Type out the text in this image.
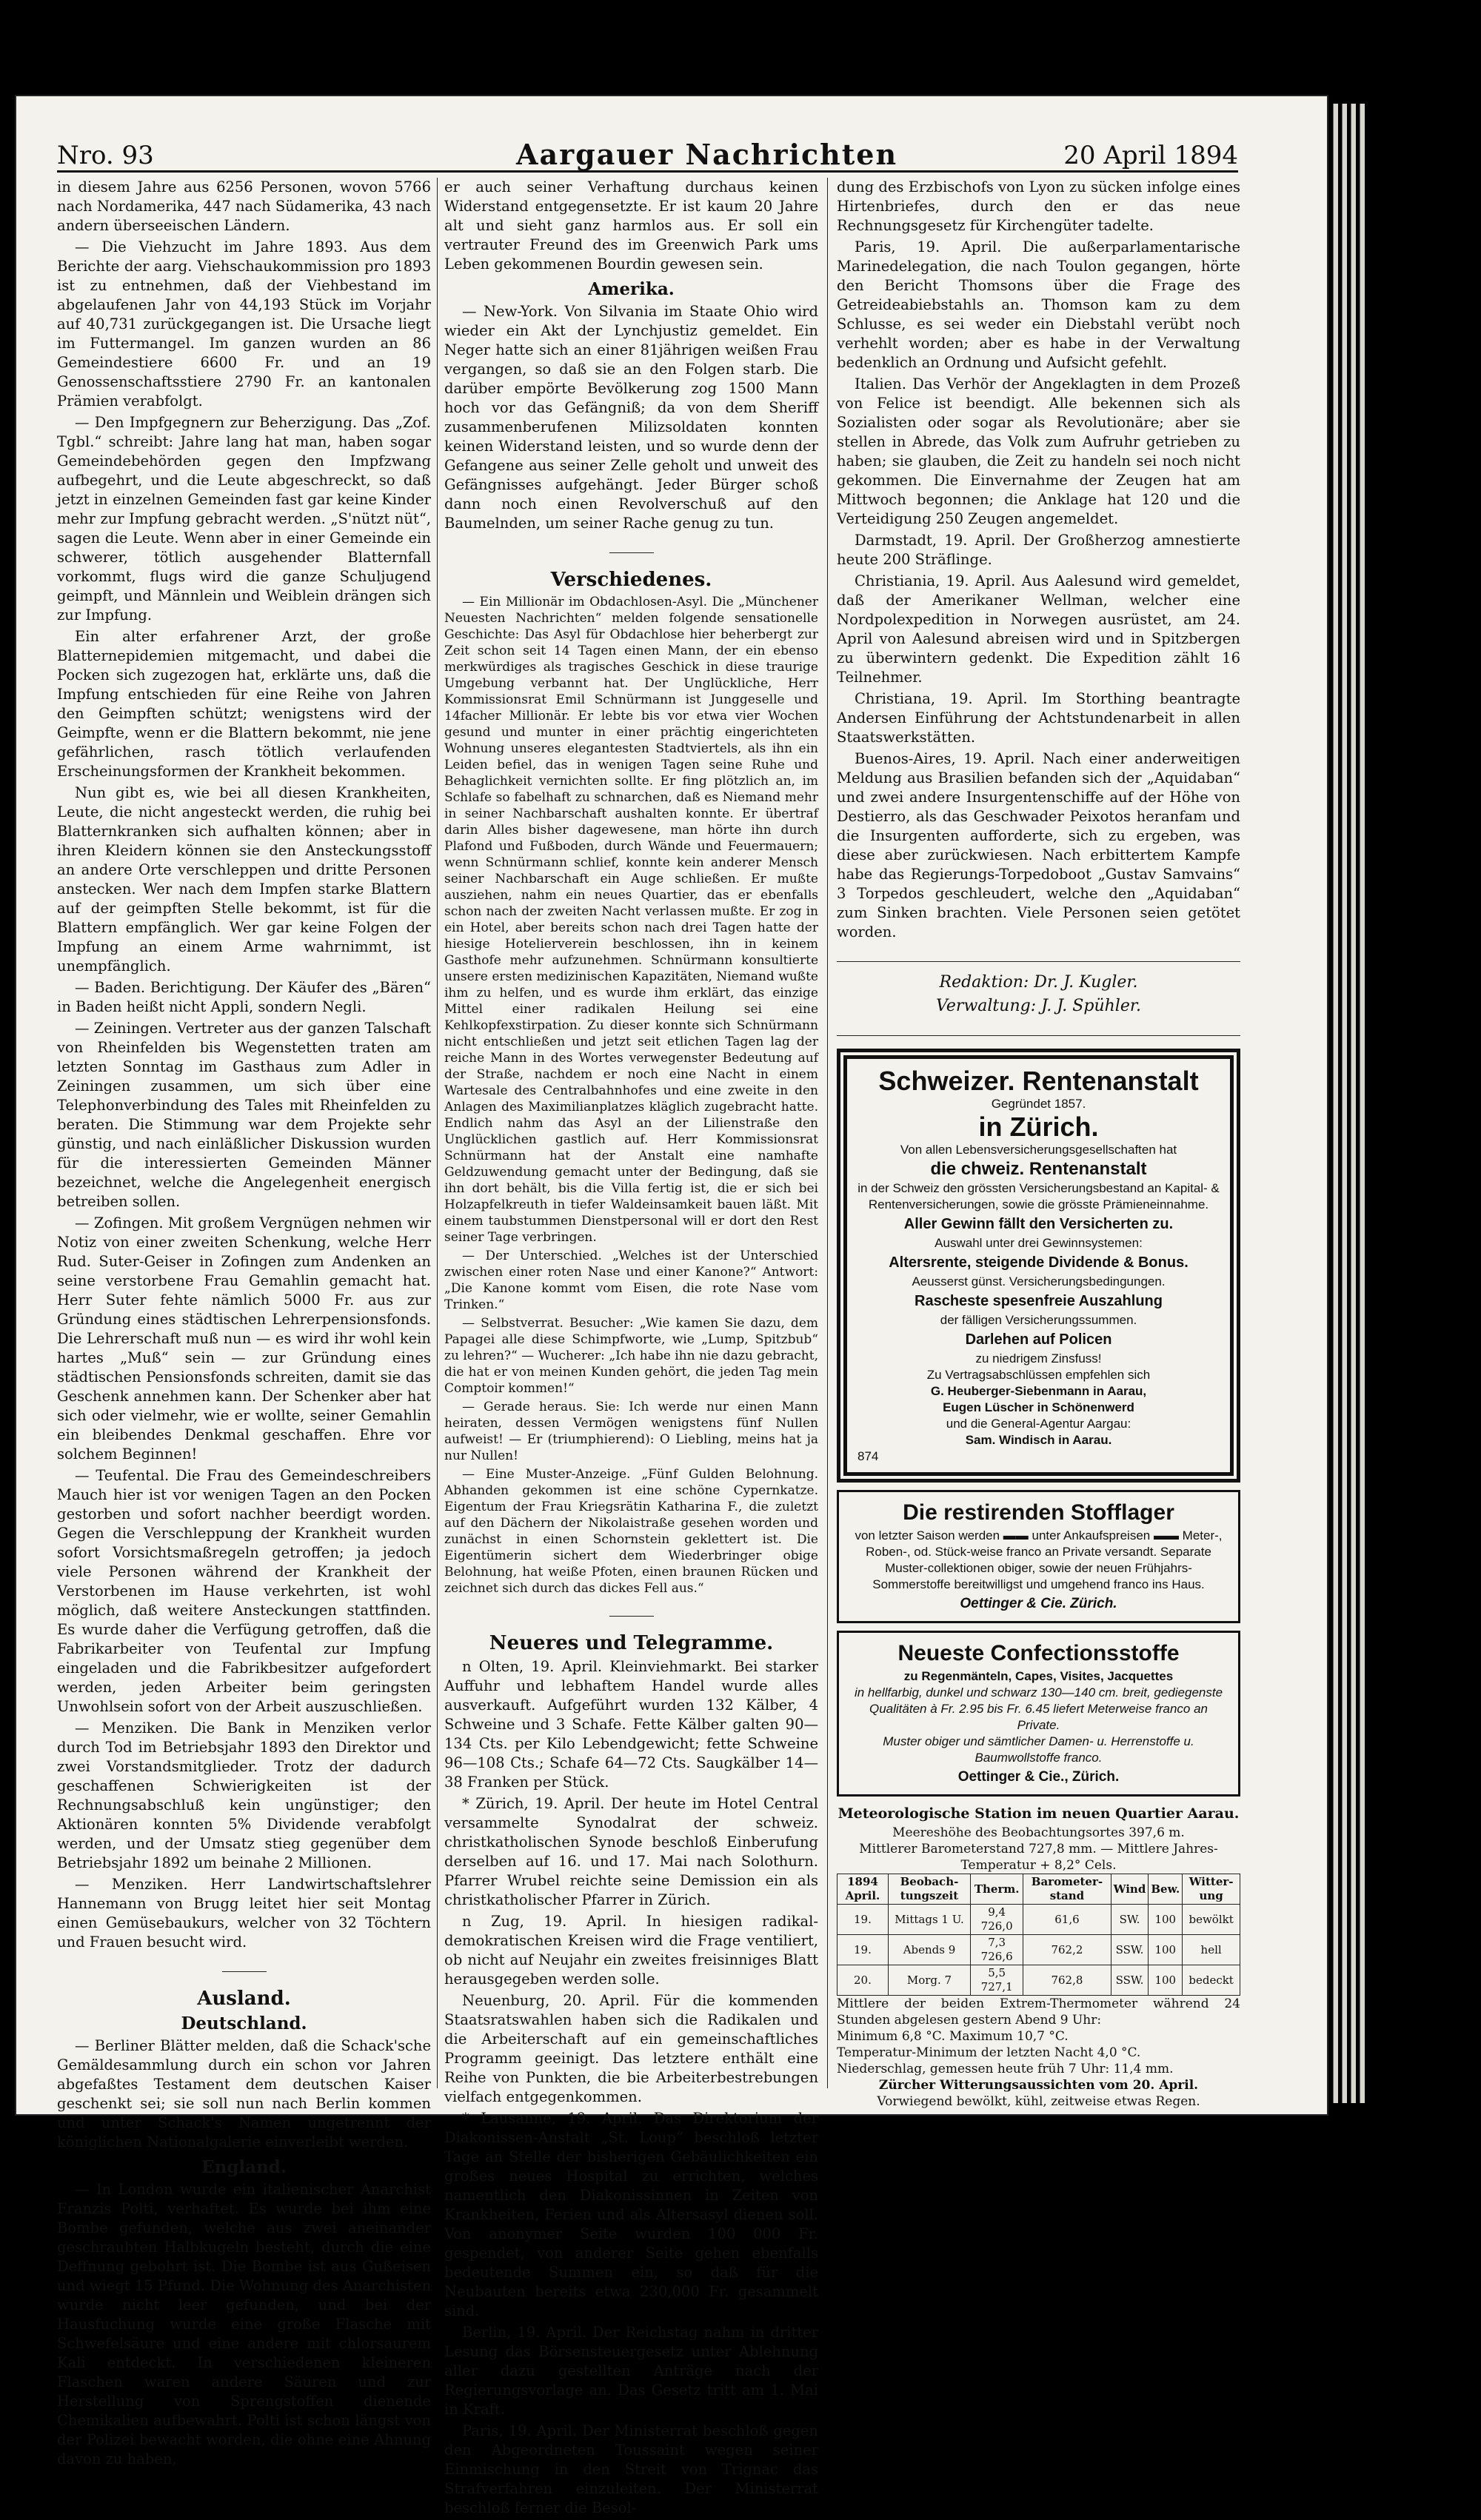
Nro. 93	Aargauer Nachrichten	20 April 1894

in diesem Jahre aus 6256 Personen, wovon 5766 nach Nordamerika, 447 nach Südamerika, 43 nach andern überseeischen Ländern.

— Die Viehzucht im Jahre 1893. Aus dem Berichte der aarg. Viehschaukommission pro 1893 ist zu entnehmen, daß der Viehbestand im abgelaufenen Jahr von 44,193 Stück im Vorjahr auf 40,731 zurückgegangen ist. Die Ursache liegt im Futtermangel. Im ganzen wurden an 86 Gemeindestiere 6600 Fr. und an 19 Genossenschaftsstiere 2790 Fr. an kantonalen Prämien verabfolgt.

— Den Impfgegnern zur Beherzigung. Das „Zof. Tgbl.“ schreibt: Jahre lang hat man, haben sogar Gemeindebehörden gegen den Impfzwang aufbegehrt, und die Leute abgeschreckt, so daß jetzt in einzelnen Gemeinden fast gar keine Kinder mehr zur Impfung gebracht werden. „S'nützt nüt“, sagen die Leute. Wenn aber in einer Gemeinde ein schwerer, tötlich ausgehender Blatternfall vorkommt, flugs wird die ganze Schuljugend geimpft, und Männlein und Weiblein drängen sich zur Impfung.

Ein alter erfahrener Arzt, der große Blatternepidemien mitgemacht, und dabei die Pocken sich zugezogen hat, erklärte uns, daß die Impfung entschieden für eine Reihe von Jahren den Geimpften schützt; wenigstens wird der Geimpfte, wenn er die Blattern bekommt, nie jene gefährlichen, rasch tötlich verlaufenden Erscheinungsformen der Krankheit bekommen.

Nun gibt es, wie bei all diesen Krankheiten, Leute, die nicht angesteckt werden, die ruhig bei Blatternkranken sich aufhalten können; aber in ihren Kleidern können sie den Ansteckungsstoff an andere Orte verschleppen und dritte Personen anstecken. Wer nach dem Impfen starke Blattern auf der geimpften Stelle bekommt, ist für die Blattern empfänglich. Wer gar keine Folgen der Impfung an einem Arme wahrnimmt, ist unempfänglich.

— Baden. Berichtigung. Der Käufer des „Bären“ in Baden heißt nicht Appli, sondern Negli.

— Zeiningen. Vertreter aus der ganzen Talschaft von Rheinfelden bis Wegenstetten traten am letzten Sonntag im Gasthaus zum Adler in Zeiningen zusammen, um sich über eine Telephonverbindung des Tales mit Rheinfelden zu beraten. Die Stimmung war dem Projekte sehr günstig, und nach einläßlicher Diskussion wurden für die interessierten Gemeinden Männer bezeichnet, welche die Angelegenheit energisch betreiben sollen.

— Zofingen. Mit großem Vergnügen nehmen wir Notiz von einer zweiten Schenkung, welche Herr Rud. Suter-Geiser in Zofingen zum Andenken an seine verstorbene Frau Gemahlin gemacht hat. Herr Suter fehte nämlich 5000 Fr. aus zur Gründung eines städtischen Lehrerpensionsfonds. Die Lehrerschaft muß nun — es wird ihr wohl kein hartes „Muß“ sein — zur Gründung eines städtischen Pensionsfonds schreiten, damit sie das Geschenk annehmen kann. Der Schenker aber hat sich oder vielmehr, wie er wollte, seiner Gemahlin ein bleibendes Denkmal geschaffen. Ehre vor solchem Beginnen!

— Teufental. Die Frau des Gemeindeschreibers Mauch hier ist vor wenigen Tagen an den Pocken gestorben und sofort nachher beerdigt worden. Gegen die Verschleppung der Krankheit wurden sofort Vorsichtsmaßregeln getroffen; ja jedoch viele Personen während der Krankheit der Verstorbenen im Hause verkehrten, ist wohl möglich, daß weitere Ansteckungen stattfinden. Es wurde daher die Verfügung getroffen, daß die Fabrikarbeiter von Teufental zur Impfung eingeladen und die Fabrikbesitzer aufgefordert werden, jeden Arbeiter beim geringsten Unwohlsein sofort von der Arbeit auszuschließen.

— Menziken. Die Bank in Menziken verlor durch Tod im Betriebsjahr 1893 den Direktor und zwei Vorstandsmitglieder. Trotz der dadurch geschaffenen Schwierigkeiten ist der Rechnungsabschluß kein ungünstiger; den Aktionären konnten 5% Dividende verabfolgt werden, und der Umsatz stieg gegenüber dem Betriebsjahr 1892 um beinahe 2 Millionen.

— Menziken. Herr Landwirtschaftslehrer Hannemann von Brugg leitet hier seit Montag einen Gemüsebaukurs, welcher von 32 Töchtern und Frauen besucht wird.

Ausland.
Deutschland.

— Berliner Blätter melden, daß die Schack'sche Gemäldesammlung durch ein schon vor Jahren abgefaßtes Testament dem deutschen Kaiser geschenkt sei; sie soll nun nach Berlin kommen und unter Schack's Namen ungetrennt der königlichen Nationalgalerie einverleibt werden.

England.

— In London wurde ein italienischer Anarchist Franzis Polti, verhaftet. Es wurde bei ihm eine Bombe gefunden, welche aus zwei aneinander geschraubten Halbkugeln besteht, durch die eine Deffnung gebohrt ist. Die Bombe ist aus Gußeisen und wiegt 15 Pfund. Die Wohnung des Anarchisten wurde nicht leer gefunden, und bei der Hausfuchung wurde eine große Flasche mit Schwefelsäure und eine andere mit chlorsaurem Kali entdeckt. In verschiedenen kleineren Flaschen waren andere Säuren und zur Herstellung von Sprengstoffen dienende Chemikalien aufbewahrt. Polti ist schon längst von der Polizei bewacht worden, die ohne eine Ahnung davon zu haben,

er auch seiner Verhaftung durchaus keinen Widerstand entgegensetzte. Er ist kaum 20 Jahre alt und sieht ganz harmlos aus. Er soll ein vertrauter Freund des im Greenwich Park ums Leben gekommenen Bourdin gewesen sein.

Amerika.

— New-York. Von Silvania im Staate Ohio wird wieder ein Akt der Lynchjustiz gemeldet. Ein Neger hatte sich an einer 81jährigen weißen Frau vergangen, so daß sie an den Folgen starb. Die darüber empörte Bevölkerung zog 1500 Mann hoch vor das Gefängniß; da von dem Sheriff zusammenberufenen Milizsoldaten konnten keinen Widerstand leisten, und so wurde denn der Gefangene aus seiner Zelle geholt und unweit des Gefängnisses aufgehängt. Jeder Bürger schoß dann noch einen Revolverschuß auf den Baumelnden, um seiner Rache genug zu tun.

Verschiedenes.

— Ein Millionär im Obdachlosen-Asyl. Die „Münchener Neuesten Nachrichten“ melden folgende sensationelle Geschichte: Das Asyl für Obdachlose hier beherbergt zur Zeit schon seit 14 Tagen einen Mann, der ein ebenso merkwürdiges als tragisches Geschick in diese traurige Umgebung verbannt hat. Der Unglückliche, Herr Kommissionsrat Emil Schnürmann ist Junggeselle und 14facher Millionär. Er lebte bis vor etwa vier Wochen gesund und munter in einer prächtig eingerichteten Wohnung unseres elegantesten Stadtviertels, als ihn ein Leiden befiel, das in wenigen Tagen seine Ruhe und Behaglichkeit vernichten sollte. Er fing plötzlich an, im Schlafe so fabelhaft zu schnarchen, daß es Niemand mehr in seiner Nachbarschaft aushalten konnte. Er übertraf darin Alles bisher dagewesene, man hörte ihn durch Plafond und Fußboden, durch Wände und Feuermauern; wenn Schnürmann schlief, konnte kein anderer Mensch seiner Nachbarschaft ein Auge schließen. Er mußte ausziehen, nahm ein neues Quartier, das er ebenfalls schon nach der zweiten Nacht verlassen mußte. Er zog in ein Hotel, aber bereits schon nach drei Tagen hatte der hiesige Hotelierverein beschlossen, ihn in keinem Gasthofe mehr aufzunehmen. Schnürmann konsultierte unsere ersten medizinischen Kapazitäten, Niemand wußte ihm zu helfen, und es wurde ihm erklärt, das einzige Mittel einer radikalen Heilung sei eine Kehlkopfexstirpation. Zu dieser konnte sich Schnürmann nicht entschließen und jetzt seit etlichen Tagen lag der reiche Mann in des Wortes verwegenster Bedeutung auf der Straße, nachdem er noch eine Nacht in einem Wartesale des Centralbahnhofes und eine zweite in den Anlagen des Maximilianplatzes kläglich zugebracht hatte. Endlich nahm das Asyl an der Lilienstraße den Unglücklichen gastlich auf. Herr Kommissionsrat Schnürmann hat der Anstalt eine namhafte Geldzuwendung gemacht unter der Bedingung, daß sie ihn dort behält, bis die Villa fertig ist, die er sich bei Holzapfelkreuth in tiefer Waldeinsamkeit bauen läßt. Mit einem taubstummen Dienstpersonal will er dort den Rest seiner Tage verbringen.

— Der Unterschied. „Welches ist der Unterschied zwischen einer roten Nase und einer Kanone?“ Antwort: „Die Kanone kommt vom Eisen, die rote Nase vom Trinken.“

— Selbstverrat. Besucher: „Wie kamen Sie dazu, dem Papagei alle diese Schimpfworte, wie „Lump, Spitzbub“ zu lehren?“ — Wucherer: „Ich habe ihn nie dazu gebracht, die hat er von meinen Kunden gehört, die jeden Tag mein Comptoir kommen!“

— Gerade heraus. Sie: Ich werde nur einen Mann heiraten, dessen Vermögen wenigstens fünf Nullen aufweist! — Er (triumphierend): O Liebling, meins hat ja nur Nullen!

— Eine Muster-Anzeige. „Fünf Gulden Belohnung. Abhanden gekommen ist eine schöne Cypernkatze. Eigentum der Frau Kriegsrätin Katharina F., die zuletzt auf den Dächern der Nikolaistraße gesehen worden und zunächst in einen Schornstein geklettert ist. Die Eigentümerin sichert dem Wiederbringer obige Belohnung, hat weiße Pfoten, einen braunen Rücken und zeichnet sich durch das dickes Fell aus.“

Neueres und Telegramme.

n Olten, 19. April. Kleinviehmarkt. Bei starker Auffuhr und lebhaftem Handel wurde alles ausverkauft. Aufgeführt wurden 132 Kälber, 4 Schweine und 3 Schafe. Fette Kälber galten 90—134 Cts. per Kilo Lebendgewicht; fette Schweine 96—108 Cts.; Schafe 64—72 Cts. Saugkälber 14—38 Franken per Stück.

* Zürich, 19. April. Der heute im Hotel Central versammelte Synodalrat der schweiz. christkatholischen Synode beschloß Einberufung derselben auf 16. und 17. Mai nach Solothurn. Pfarrer Wrubel reichte seine Demission ein als christkatholischer Pfarrer in Zürich.

n Zug, 19. April. In hiesigen radikal-demokratischen Kreisen wird die Frage ventiliert, ob nicht auf Neujahr ein zweites freisinniges Blatt herausgegeben werden solle.

Neuenburg, 20. April. Für die kommenden Staatsratswahlen haben sich die Radikalen und die Arbeiterschaft auf ein gemeinschaftliches Programm geeinigt. Das letztere enthält eine Reihe von Punkten, die bie Arbeiterbestrebungen vielfach entgegenkommen.

* Lausanne, 19. April. Das Direktorium der Diakonissen-Anstalt „St. Loup“ beschloß letzter Tage an Stelle der bisherigen Gebäulichkeiten ein großes neues Hospital zu errichten, welches namentlich den Diakonissinnen in Zeiten von Krankheiten, Ferien und als Altersasyl dienen soll. Von anonymer Seite wurden 100 000 Fr. gespendet, von anderer Seite gehen ebenfalls bedeutende Summen ein, so daß für die Neubauten bereits etwa 230,000 Fr. gesammelt sind.

Berlin, 19. April. Der Reichstag nahm in dritter Lesung das Börsensteuergesetz unter Ablehnung aller dazu gestellten Anträge nach der Regierungsvorlage an. Das Gesetz tritt am 1. Mai in Kraft.

Paris, 19. April. Der Ministerrat beschloß gegen den Abgeordneten Toussaint wegen seiner Einmischung in den Streit von Trignac das Strafverfahren einzuleiten. Der Ministerrat beschloß ferner die Besol-

dung des Erzbischofs von Lyon zu sücken infolge eines Hirtenbriefes, durch den er das neue Rechnungsgesetz für Kirchengüter tadelte.

Paris, 19. April. Die außerparlamentarische Marinedelegation, die nach Toulon gegangen, hörte den Bericht Thomsons über die Frage des Getreideabiebstahls an. Thomson kam zu dem Schlusse, es sei weder ein Diebstahl verübt noch verhehlt worden; aber es habe in der Verwaltung bedenklich an Ordnung und Aufsicht gefehlt.

Italien. Das Verhör der Angeklagten in dem Prozeß von Felice ist beendigt. Alle bekennen sich als Sozialisten oder sogar als Revolutionäre; aber sie stellen in Abrede, das Volk zum Aufruhr getrieben zu haben; sie glauben, die Zeit zu handeln sei noch nicht gekommen. Die Einvernahme der Zeugen hat am Mittwoch begonnen; die Anklage hat 120 und die Verteidigung 250 Zeugen angemeldet.

Darmstadt, 19. April. Der Großherzog amnestierte heute 200 Sträflinge.

Christiania, 19. April. Aus Aalesund wird gemeldet, daß der Amerikaner Wellman, welcher eine Nordpolexpedition in Norwegen ausrüstet, am 24. April von Aalesund abreisen wird und in Spitzbergen zu überwintern gedenkt. Die Expedition zählt 16 Teilnehmer.

Christiana, 19. April. Im Storthing beantragte Andersen Einführung der Achtstundenarbeit in allen Staatswerkstätten.

Buenos-Aires, 19. April. Nach einer anderweitigen Meldung aus Brasilien befanden sich der „Aquidaban“ und zwei andere Insurgentenschiffe auf der Höhe von Destierro, als das Geschwader Peixotos heranfam und die Insurgenten aufforderte, sich zu ergeben, was diese aber zurückwiesen. Nach erbittertem Kampfe habe das Regierungs-Torpedoboot „Gustav Samvains“ 3 Torpedos geschleudert, welche den „Aquidaban“ zum Sinken brachten. Viele Personen seien getötet worden.

Redaktion: Dr. J. Kugler.
Verwaltung: J. J. Spühler.
Schweizer. Rentenanstalt
Gegründet 1857.
in Zürich.
Von allen Lebensversicherungsgesellschaften hat
die chweiz. Rentenanstalt
in der Schweiz den grössten Versicherungsbestand an Kapital- & Rentenversicherungen, sowie die grösste Prämieneinnahme.
Aller Gewinn fällt den Versicherten zu.
Auswahl unter drei Gewinnsystemen:
Altersrente, steigende Dividende & Bonus.
Aeusserst günst. Versicherungsbedingungen.
Rascheste spesenfreie Auszahlung
der fälligen Versicherungssummen.
Darlehen auf Policen
zu niedrigem Zinsfuss!
Zu Vertragsabschlüssen empfehlen sich
G. Heuberger-Siebenmann in Aarau,
Eugen Lüscher in Schönenwerd
und die General-Agentur Aargau:
Sam. Windisch in Aarau.
874
Die restirenden Stofflager
von letzter Saison werden ▬▬ unter Ankaufspreisen ▬▬ Meter-, Roben-, od. Stück-weise franco an Private versandt. Separate Muster-collektionen obiger, sowie der neuen Frühjahrs-Sommerstoffe bereitwilligst und umgehend franco ins Haus.
Oettinger & Cie. Zürich.
Neueste Confectionsstoffe
zu Regenmänteln, Capes, Visites, Jacquettes
in hellfarbig, dunkel und schwarz 130—140 cm. breit, gediegenste Qualitäten à Fr. 2.95 bis Fr. 6.45 liefert Meterweise franco an Private.
Muster obiger und sämtlicher Damen- u. Herrenstoffe u. Baumwollstoffe franco.
Oettinger & Cie., Zürich.
Meteorologische Station im neuen Quartier Aarau.
Meereshöhe des Beobachtungsortes 397,6 m.
Mittlerer Barometerstand 727,8 mm. — Mittlere Jahres-Temperatur + 8,2° Cels.
1894 April.	Beobach-tungszeit	Therm.	Barometer-stand	Wind	Bew.	Witter-ung
19.	Mittags 1 U.	9,4 726,0	61,6	SW.	100	bewölkt
19.	Abends 9	7,3 726,6	762,2	SSW.	100	hell
20.	Morg. 7	5,5 727,1	762,8	SSW.	100	bedeckt
Mittlere der beiden Extrem-Thermometer während 24 Stunden abgelesen gestern Abend 9 Uhr:
Minimum 6,8 °C. Maximum 10,7 °C.
Temperatur-Minimum der letzten Nacht 4,0 °C.
Niederschlag, gemessen heute früh 7 Uhr: 11,4 mm.
Zürcher Witterungsaussichten vom 20. April.
Vorwiegend bewölkt, kühl, zeitweise etwas Regen.
